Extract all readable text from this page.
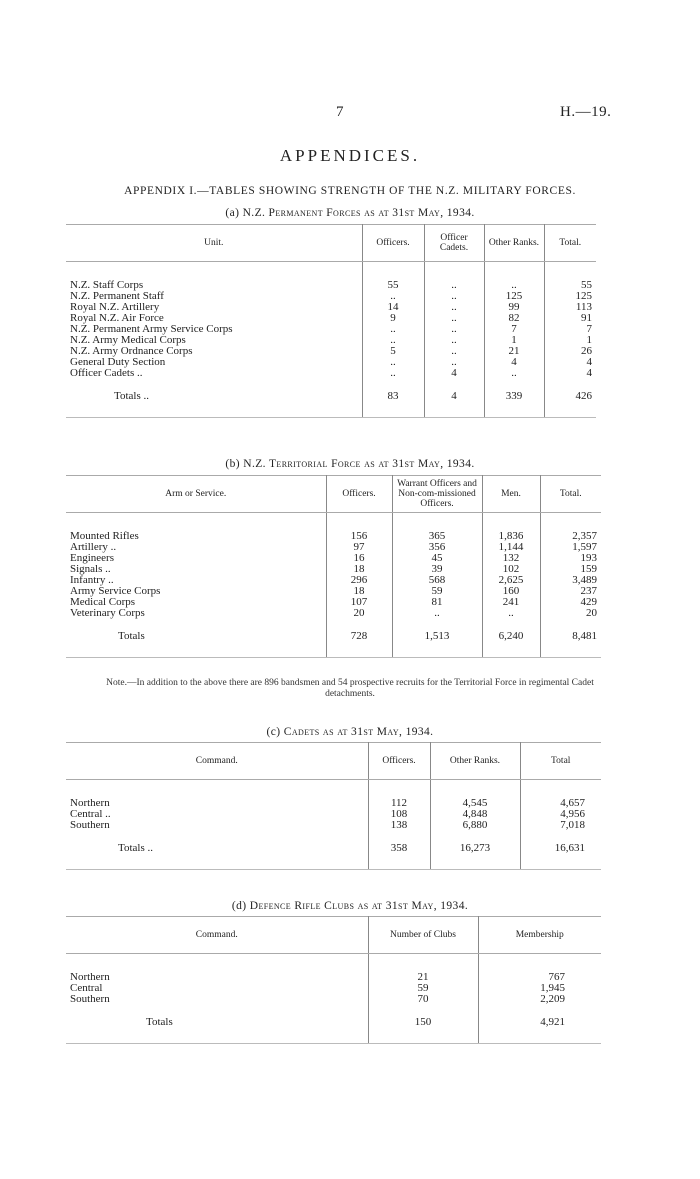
7	H.—19.
APPENDICES.
APPENDIX I.—TABLES SHOWING STRENGTH OF THE N.Z. MILITARY FORCES.
(a) N.Z. Permanent Forces as at 31st May, 1934.
Unit.	Officers.	Officer Cadets.	Other Ranks.	Total.

N.Z. Staff Corps	55	..	..	55
N.Z. Permanent Staff	..	..	125	125
Royal N.Z. Artillery	14	..	99	113
Royal N.Z. Air Force	9	..	82	91
N.Z. Permanent Army Service Corps	..	..	7	7
N.Z. Army Medical Corps	..	..	1	1
N.Z. Army Ordnance Corps	5	..	21	26
General Duty Section	..	..	4	4
Officer Cadets ..	..	4	..	4

Totals ..	83	4	339	426

(b) N.Z. Territorial Force as at 31st May, 1934.
Arm or Service.	Officers.	Warrant Officers and Non-com-missioned Officers.	Men.	Total.

Mounted Rifles	156	365	1,836	2,357
Artillery ..	97	356	1,144	1,597
Engineers	16	45	132	193
Signals ..	18	39	102	159
Infantry ..	296	568	2,625	3,489
Army Service Corps	18	59	160	237
Medical Corps	107	81	241	429
Veterinary Corps	20	..	..	20

Totals	728	1,513	6,240	8,481

Note.—In addition to the above there are 896 bandsmen and 54 prospective recruits for the Territorial Force in regimental Cadet detachments.
(c) Cadets as at 31st May, 1934.
Command.	Officers.	Other Ranks.	Total

Northern	112	4,545	4,657
Central ..	108	4,848	4,956
Southern	138	6,880	7,018

Totals ..	358	16,273	16,631

(d) Defence Rifle Clubs as at 31st May, 1934.
Command.	Number of Clubs	Membership

Northern	21	767
Central	59	1,945
Southern	70	2,209

Totals	150	4,921
